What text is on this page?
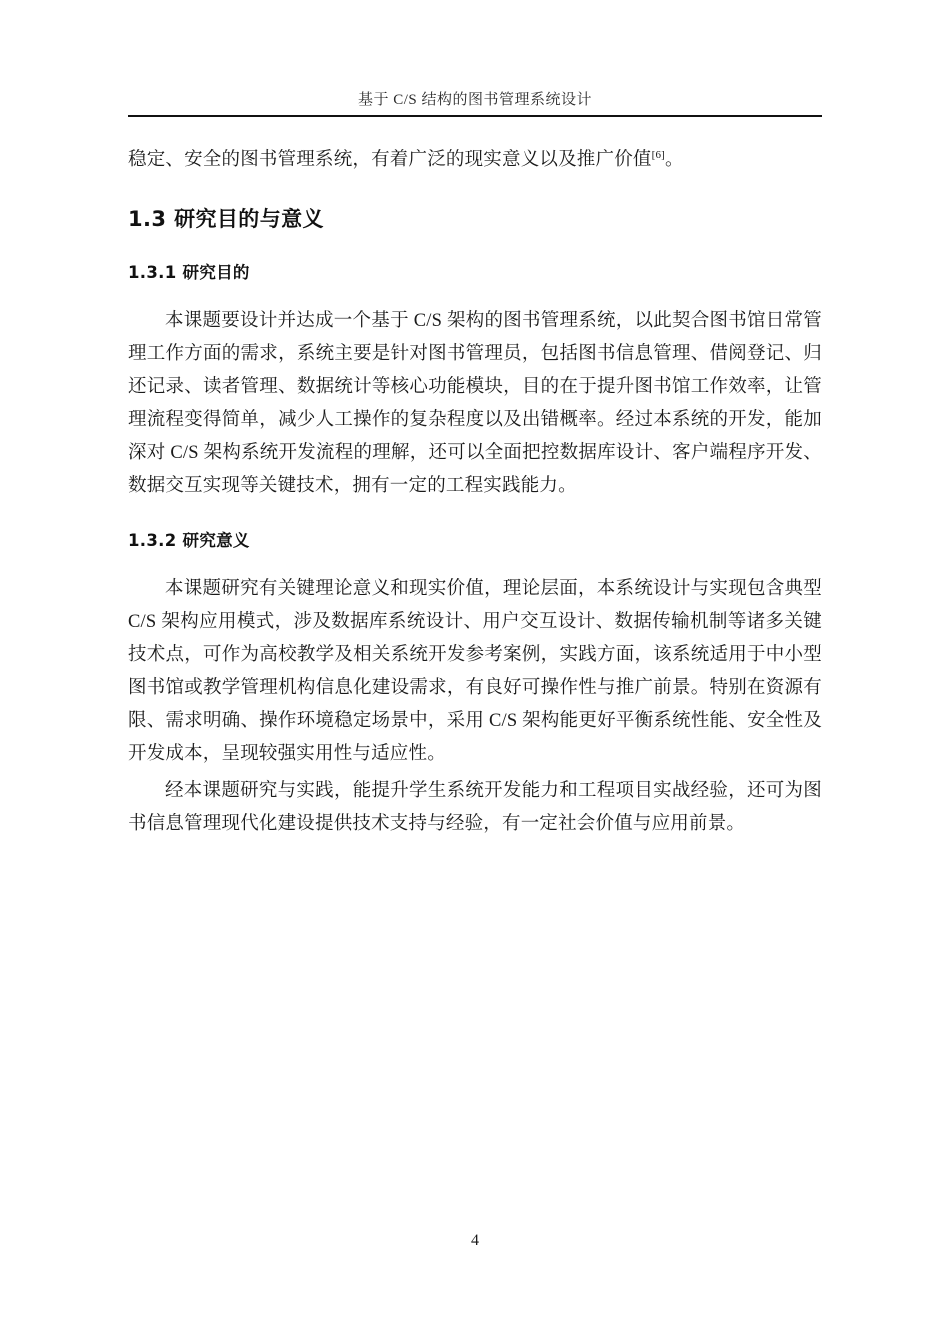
基于 C/S 结构的图书管理系统设计

稳定、安全的图书管理系统，有着广泛的现实意义以及推广价值[6]。

1.3 研究目的与意义
1.3.1 研究目的

本课题要设计并达成一个基于 C/S 架构的图书管理系统，以此契合图书馆日常管理工作方面的需求，系统主要是针对图书管理员，包括图书信息管理、借阅登记、归还记录、读者管理、数据统计等核心功能模块，目的在于提升图书馆工作效率，让管理流程变得简单，减少人工操作的复杂程度以及出错概率。经过本系统的开发，能加深对 C/S 架构系统开发流程的理解，还可以全面把控数据库设计、客户端程序开发、数据交互实现等关键技术，拥有一定的工程实践能力。

1.3.2 研究意义

本课题研究有关键理论意义和现实价值，理论层面，本系统设计与实现包含典型 C/S 架构应用模式，涉及数据库系统设计、用户交互设计、数据传输机制等诸多关键技术点，可作为高校教学及相关系统开发参考案例，实践方面，该系统适用于中小型图书馆或教学管理机构信息化建设需求，有良好可操作性与推广前景。特别在资源有限、需求明确、操作环境稳定场景中，采用 C/S 架构能更好平衡系统性能、安全性及开发成本，呈现较强实用性与适应性。

经本课题研究与实践，能提升学生系统开发能力和工程项目实战经验，还可为图书信息管理现代化建设提供技术支持与经验，有一定社会价值与应用前景。

4
